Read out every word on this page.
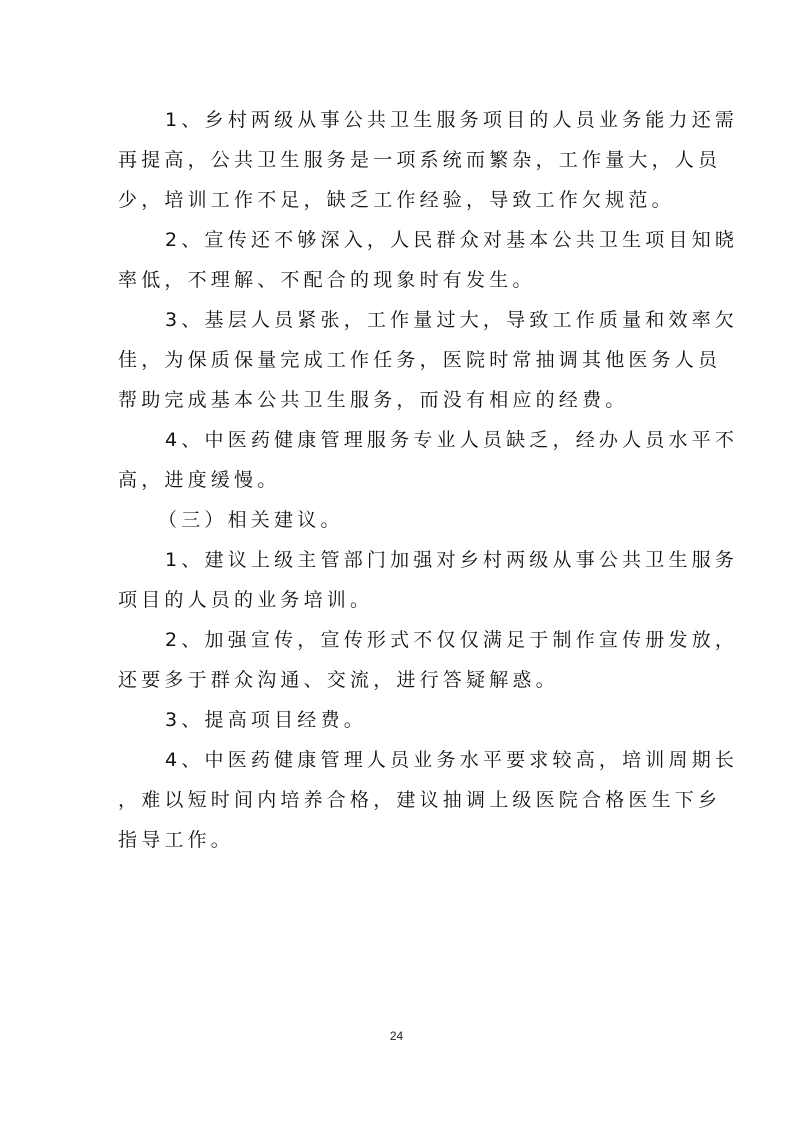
1、乡村两级从事公共卫生服务项目的人员业务能力还需
再提高，公共卫生服务是一项系统而繁杂，工作量大，人员
少，培训工作不足，缺乏工作经验，导致工作欠规范。
2、宣传还不够深入，人民群众对基本公共卫生项目知晓
率低，不理解、不配合的现象时有发生。
3、基层人员紧张，工作量过大，导致工作质量和效率欠
佳，为保质保量完成工作任务，医院时常抽调其他医务人员
帮助完成基本公共卫生服务，而没有相应的经费。
4、中医药健康管理服务专业人员缺乏，经办人员水平不
高，进度缓慢。
（三）相关建议。
1、建议上级主管部门加强对乡村两级从事公共卫生服务
项目的人员的业务培训。
2、加强宣传，宣传形式不仅仅满足于制作宣传册发放，
还要多于群众沟通、交流，进行答疑解惑。
3、提高项目经费。
4、中医药健康管理人员业务水平要求较高，培训周期长
，难以短时间内培养合格，建议抽调上级医院合格医生下乡
指导工作。
24
